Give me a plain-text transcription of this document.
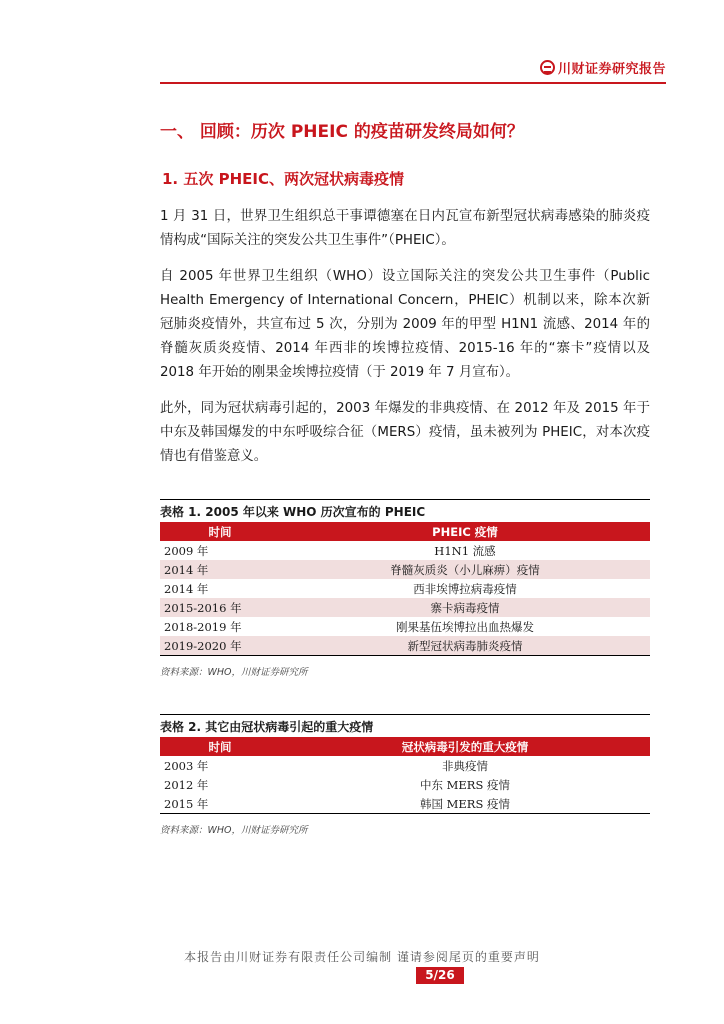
川财证券研究报告
一、 回顾：历次 PHEIC 的疫苗研发终局如何？
1. 五次 PHEIC、两次冠状病毒疫情

1 月 31 日，世界卫生组织总干事谭德塞在日内瓦宣布新型冠状病毒感染的肺炎疫情构成“国际关注的突发公共卫生事件”（PHEIC）。

自 2005 年世界卫生组织（WHO）设立国际关注的突发公共卫生事件（Public Health Emergency of International Concern，PHEIC）机制以来，除本次新冠肺炎疫情外，共宣布过 5 次，分别为 2009 年的甲型 H1N1 流感、2014 年的脊髓灰质炎疫情、2014 年西非的埃博拉疫情、2015-16 年的“寨卡”疫情以及 2018 年开始的刚果金埃博拉疫情（于 2019 年 7 月宣布）。

此外，同为冠状病毒引起的，2003 年爆发的非典疫情、在 2012 年及 2015 年于中东及韩国爆发的中东呼吸综合征（MERS）疫情，虽未被列为 PHEIC，对本次疫情也有借鉴意义。

表格 1. 2005 年以来 WHO 历次宣布的 PHEIC
时间	PHEIC 疫情
2009 年	H1N1 流感
2014 年	脊髓灰质炎（小儿麻痹）疫情
2014 年	西非埃博拉病毒疫情
2015-2016 年	寨卡病毒疫情
2018-2019 年	刚果基伍埃博拉出血热爆发
2019-2020 年	新型冠状病毒肺炎疫情
资料来源：WHO，川财证券研究所
表格 2. 其它由冠状病毒引起的重大疫情
时间	冠状病毒引发的重大疫情
2003 年	非典疫情
2012 年	中东 MERS 疫情
2015 年	韩国 MERS 疫情
资料来源：WHO，川财证券研究所
本报告由川财证券有限责任公司编制 谨请参阅尾页的重要声明
5/26
